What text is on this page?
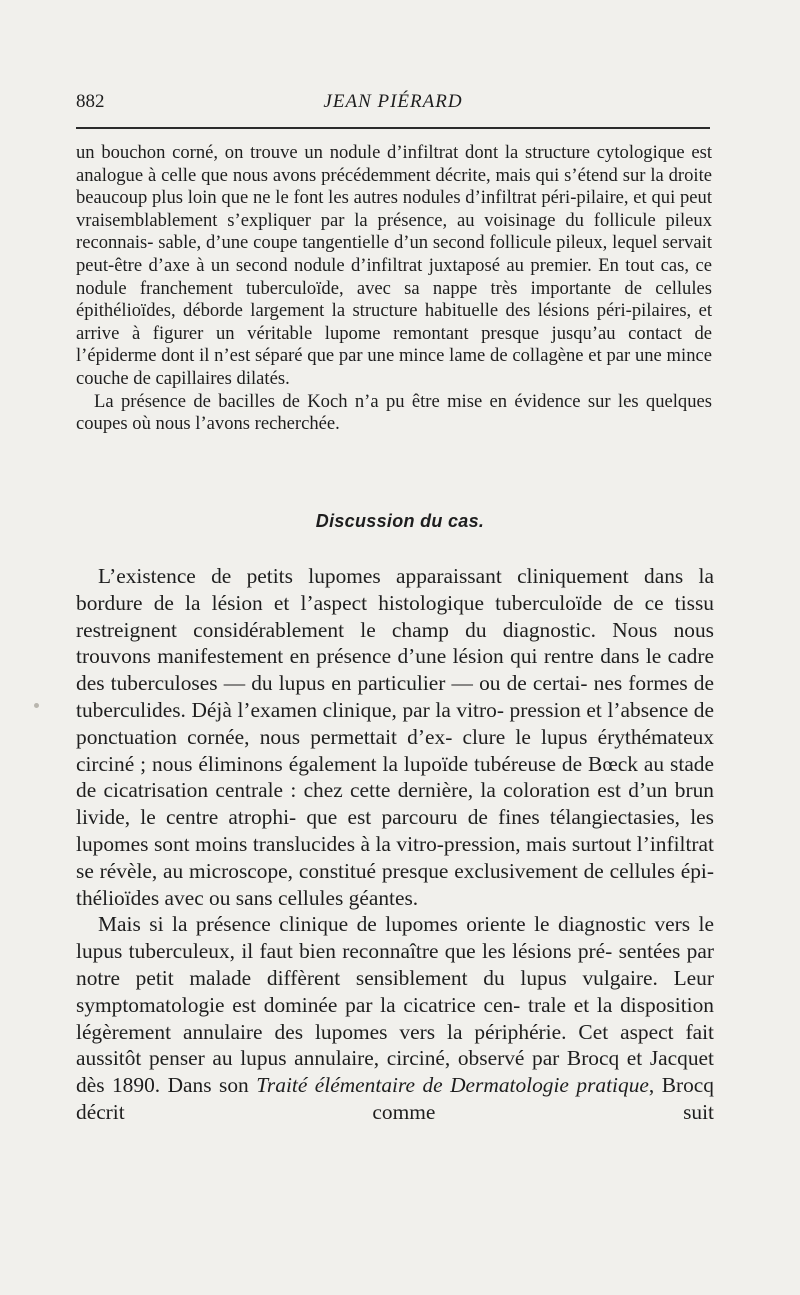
882	JEAN PIÉRARD

un bouchon corné, on trouve un nodule d’infiltrat dont la structure cytologique est analogue à celle que nous avons précédemment décrite, mais qui s’étend sur la droite beaucoup plus loin que ne le font les autres nodules d’infiltrat péri-pilaire, et qui peut vraisemblablement s’expliquer par la présence, au voisinage du follicule pileux reconnais- sable, d’une coupe tangentielle d’un second follicule pileux, lequel servait peut-être d’axe à un second nodule d’infiltrat juxtaposé au premier. En tout cas, ce nodule franchement tuberculoïde, avec sa nappe très importante de cellules épithélioïdes, déborde largement la structure habituelle des lésions péri-pilaires, et arrive à figurer un véritable lupome remontant presque jusqu’au contact de l’épiderme dont il n’est séparé que par une mince lame de collagène et par une mince couche de capillaires dilatés.

La présence de bacilles de Koch n’a pu être mise en évidence sur les quelques coupes où nous l’avons recherchée.

Discussion du cas.

L’existence de petits lupomes apparaissant cliniquement dans la bordure de la lésion et l’aspect histologique tuberculoïde de ce tissu restreignent considérablement le champ du diagnostic. Nous nous trouvons manifestement en présence d’une lésion qui rentre dans le cadre des tuberculoses — du lupus en particulier — ou de certai- nes formes de tuberculides. Déjà l’examen clinique, par la vitro- pression et l’absence de ponctuation cornée, nous permettait d’ex- clure le lupus érythémateux circiné ; nous éliminons également la lupoïde tubéreuse de Bœck au stade de cicatrisation centrale : chez cette dernière, la coloration est d’un brun livide, le centre atrophi- que est parcouru de fines télangiectasies, les lupomes sont moins translucides à la vitro-pression, mais surtout l’infiltrat se révèle, au microscope, constitué presque exclusivement de cellules épi- thélioïdes avec ou sans cellules géantes.

Mais si la présence clinique de lupomes oriente le diagnostic vers le lupus tuberculeux, il faut bien reconnaître que les lésions pré- sentées par notre petit malade diffèrent sensiblement du lupus vulgaire. Leur symptomatologie est dominée par la cicatrice cen- trale et la disposition légèrement annulaire des lupomes vers la périphérie. Cet aspect fait aussitôt penser au lupus annulaire, circiné, observé par Brocq et Jacquet dès 1890. Dans son Traité élémentaire de Dermatologie pratique, Brocq décrit comme suit
